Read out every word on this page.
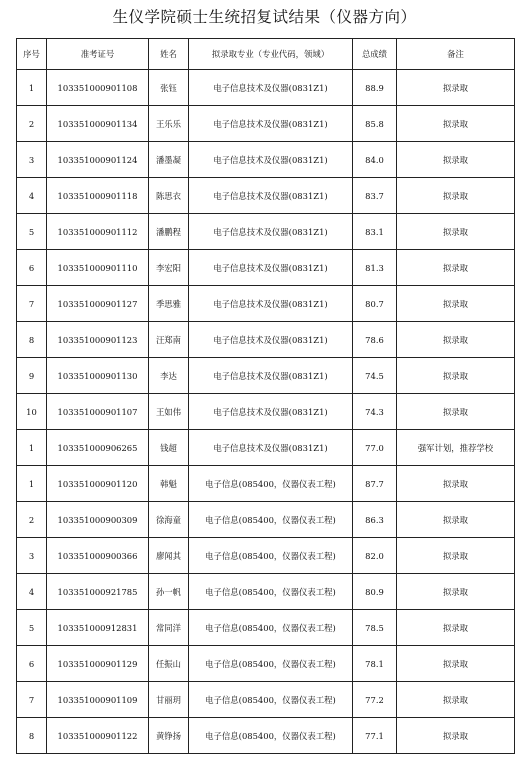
生仪学院硕士生统招复试结果（仪器方向）
序号	准考证号	姓名	拟录取专业（专业代码，领域）	总成绩	备注
1	103351000901108	张钰	电子信息技术及仪器(0831Z1)	88.9	拟录取
2	103351000901134	王乐乐	电子信息技术及仪器(0831Z1)	85.8	拟录取
3	103351000901124	潘墨凝	电子信息技术及仪器(0831Z1)	84.0	拟录取
4	103351000901118	陈思衣	电子信息技术及仪器(0831Z1)	83.7	拟录取
5	103351000901112	潘鹏程	电子信息技术及仪器(0831Z1)	83.1	拟录取
6	103351000901110	李宏阳	电子信息技术及仪器(0831Z1)	81.3	拟录取
7	103351000901127	季思雅	电子信息技术及仪器(0831Z1)	80.7	拟录取
8	103351000901123	汪郑南	电子信息技术及仪器(0831Z1)	78.6	拟录取
9	103351000901130	李达	电子信息技术及仪器(0831Z1)	74.5	拟录取
10	103351000901107	王如伟	电子信息技术及仪器(0831Z1)	74.3	拟录取
1	103351000906265	钱超	电子信息技术及仪器(0831Z1)	77.0	强军计划，推荐学校
1	103351000901120	韩魁	电子信息(085400，仪器仪表工程)	87.7	拟录取
2	103351000900309	徐海童	电子信息(085400，仪器仪表工程)	86.3	拟录取
3	103351000900366	廖闻其	电子信息(085400，仪器仪表工程)	82.0	拟录取
4	103351000921785	孙一帆	电子信息(085400，仪器仪表工程)	80.9	拟录取
5	103351000912831	常同洋	电子信息(085400，仪器仪表工程)	78.5	拟录取
6	103351000901129	任振山	电子信息(085400，仪器仪表工程)	78.1	拟录取
7	103351000901109	甘丽玥	电子信息(085400，仪器仪表工程)	77.2	拟录取
8	103351000901122	黄铮扬	电子信息(085400，仪器仪表工程)	77.1	拟录取
